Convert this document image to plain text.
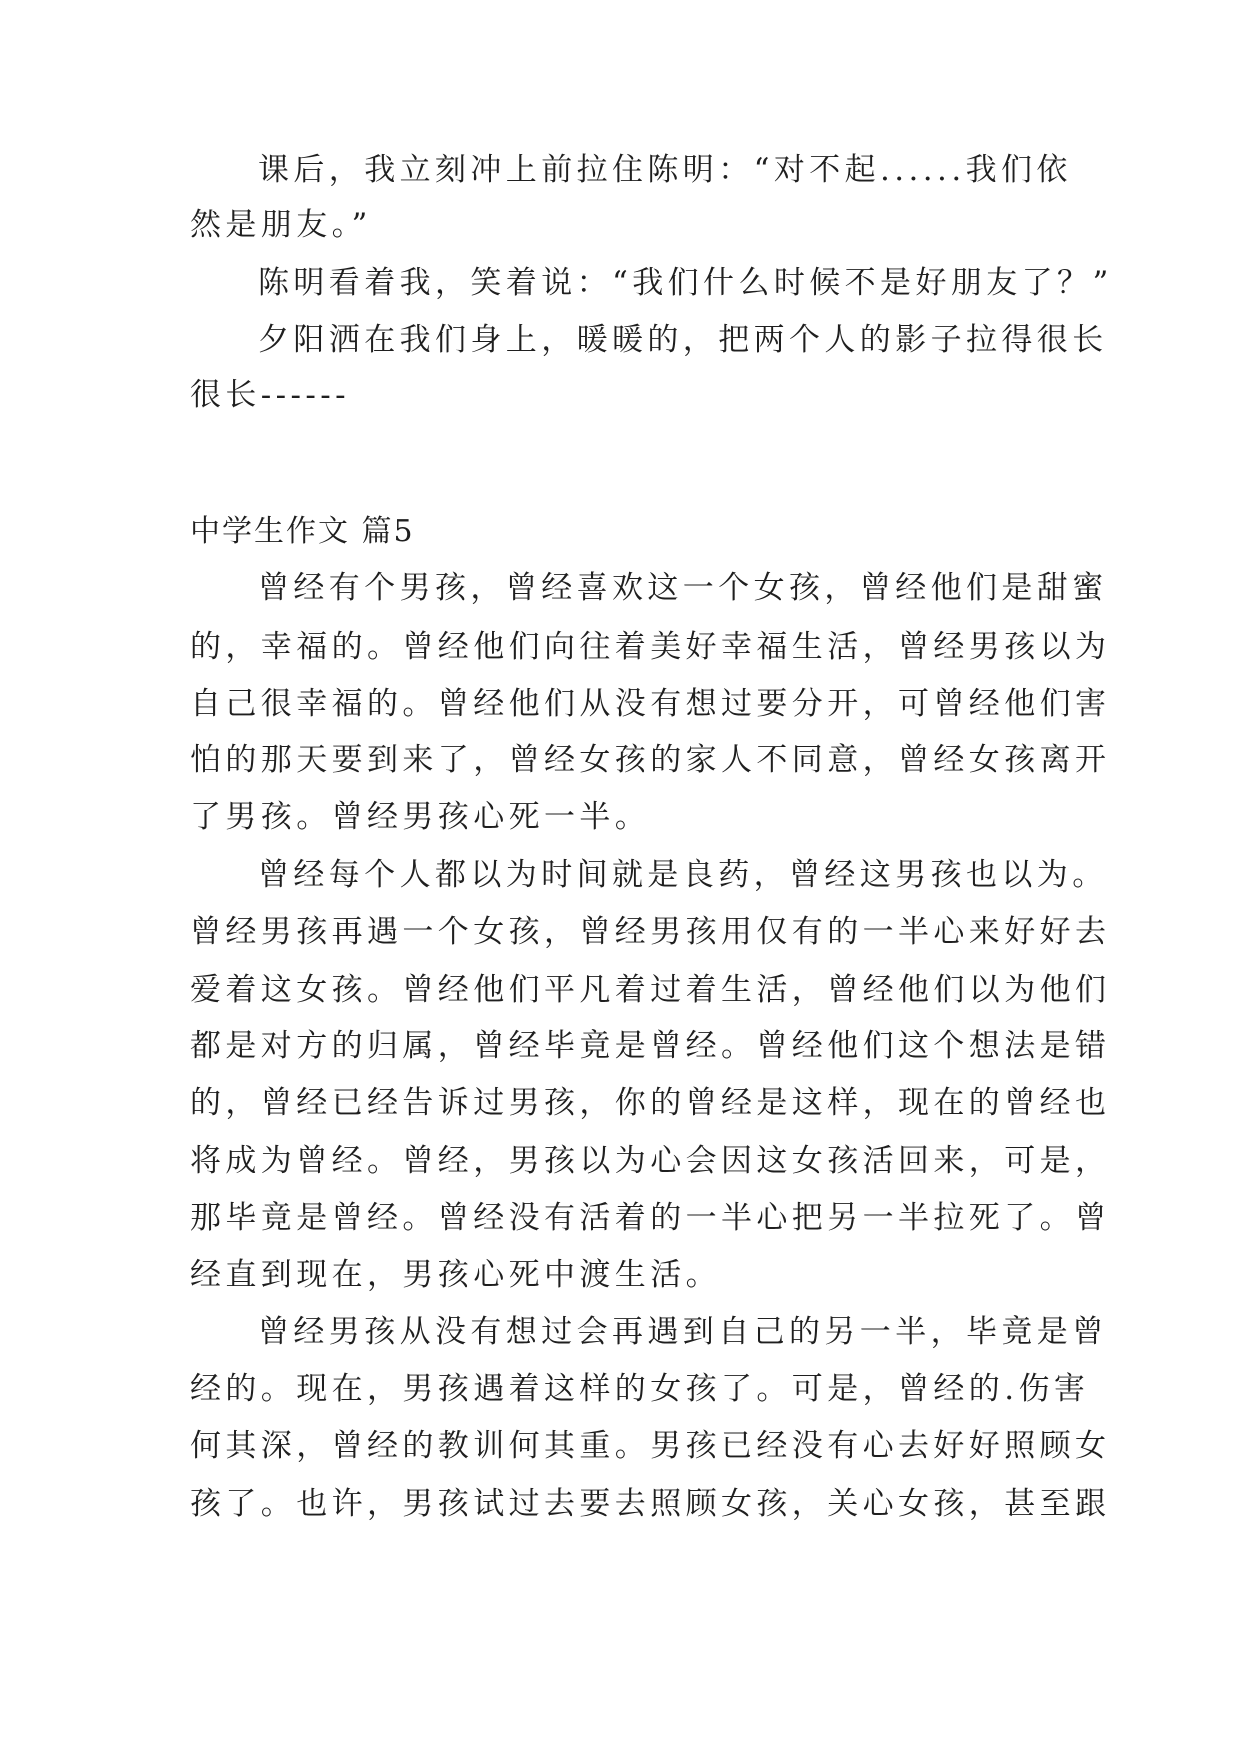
课后，我立刻冲上前拉住陈明：“对不起......我们依
然是朋友。”
陈明看着我，笑着说：“我们什么时候不是好朋友了？”
夕阳洒在我们身上，暖暖的，把两个人的影子拉得很长
很长------
中学生作文 篇5
曾经有个男孩，曾经喜欢这一个女孩，曾经他们是甜蜜
的，幸福的。曾经他们向往着美好幸福生活，曾经男孩以为
自己很幸福的。曾经他们从没有想过要分开，可曾经他们害
怕的那天要到来了，曾经女孩的家人不同意，曾经女孩离开
了男孩。曾经男孩心死一半。
曾经每个人都以为时间就是良药，曾经这男孩也以为。
曾经男孩再遇一个女孩，曾经男孩用仅有的一半心来好好去
爱着这女孩。曾经他们平凡着过着生活，曾经他们以为他们
都是对方的归属，曾经毕竟是曾经。曾经他们这个想法是错
的，曾经已经告诉过男孩，你的曾经是这样，现在的曾经也
将成为曾经。曾经，男孩以为心会因这女孩活回来，可是，
那毕竟是曾经。曾经没有活着的一半心把另一半拉死了。曾
经直到现在，男孩心死中渡生活。
曾经男孩从没有想过会再遇到自己的另一半，毕竟是曾
经的。现在，男孩遇着这样的女孩了。可是，曾经的.伤害
何其深，曾经的教训何其重。男孩已经没有心去好好照顾女
孩了。也许，男孩试过去要去照顾女孩，关心女孩，甚至跟
